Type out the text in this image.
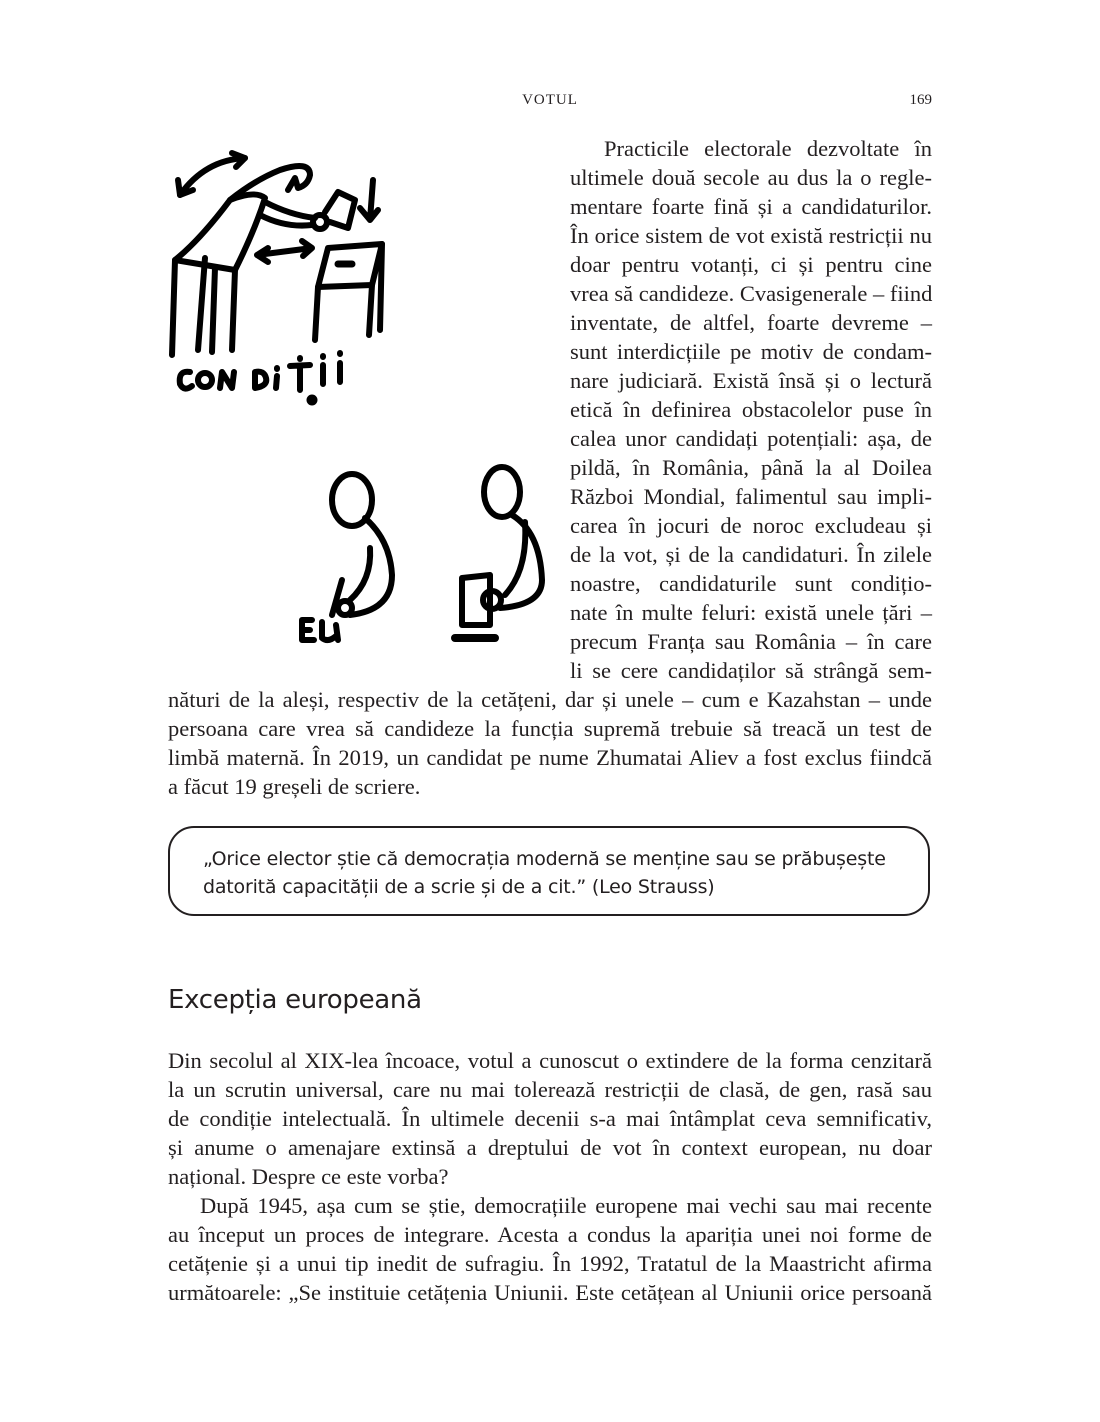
VOTUL	169
Practicile electorale dezvoltate în
ultimele două secole au dus la o regle-
mentare foarte fină și a candidaturilor.
În orice sistem de vot există restricții nu
doar pentru votanți, ci și pentru cine
vrea să candideze. Cvasigenerale – fiind
inventate, de altfel, foarte devreme –
sunt interdicțiile pe motiv de condam-
nare judiciară. Există însă și o lectură
etică în definirea obstacolelor puse în
calea unor candidați potențiali: așa, de
pildă, în România, până la al Doilea
Război Mondial, falimentul sau impli-
carea în jocuri de noroc excludeau și
de la vot, și de la candidaturi. În zilele
noastre, candidaturile sunt condițio-
nate în multe feluri: există unele țări –
precum Franța sau România – în care
li se cere candidaților să strângă sem-
nături de la aleși, respectiv de la cetățeni, dar și unele – cum e Kazahstan – unde
persoana care vrea să candideze la funcția supremă trebuie să treacă un test de
limbă maternă. În 2019, un candidat pe nume Zhumatai Aliev a fost exclus fiindcă
a făcut 19 greșeli de scriere.
„Orice elector știe că democrația modernă se menține sau se prăbușește
datorită capacității de a scrie și de a cit.” (Leo Strauss)
Excepția europeană
Din secolul al XIX-lea încoace, votul a cunoscut o extindere de la forma cenzitară
la un scrutin universal, care nu mai tolerează restricții de clasă, de gen, rasă sau
de condiție intelectuală. În ultimele decenii s-a mai întâmplat ceva semnificativ,
și anume o amenajare extinsă a dreptului de vot în context european, nu doar
național. Despre ce este vorba?
După 1945, așa cum se știe, democrațiile europene mai vechi sau mai recente
au început un proces de integrare. Acesta a condus la apariția unei noi forme de
cetățenie și a unui tip inedit de sufragiu. În 1992, Tratatul de la Maastricht afirma
următoarele: „Se instituie cetățenia Uniunii. Este cetățean al Uniunii orice persoană
